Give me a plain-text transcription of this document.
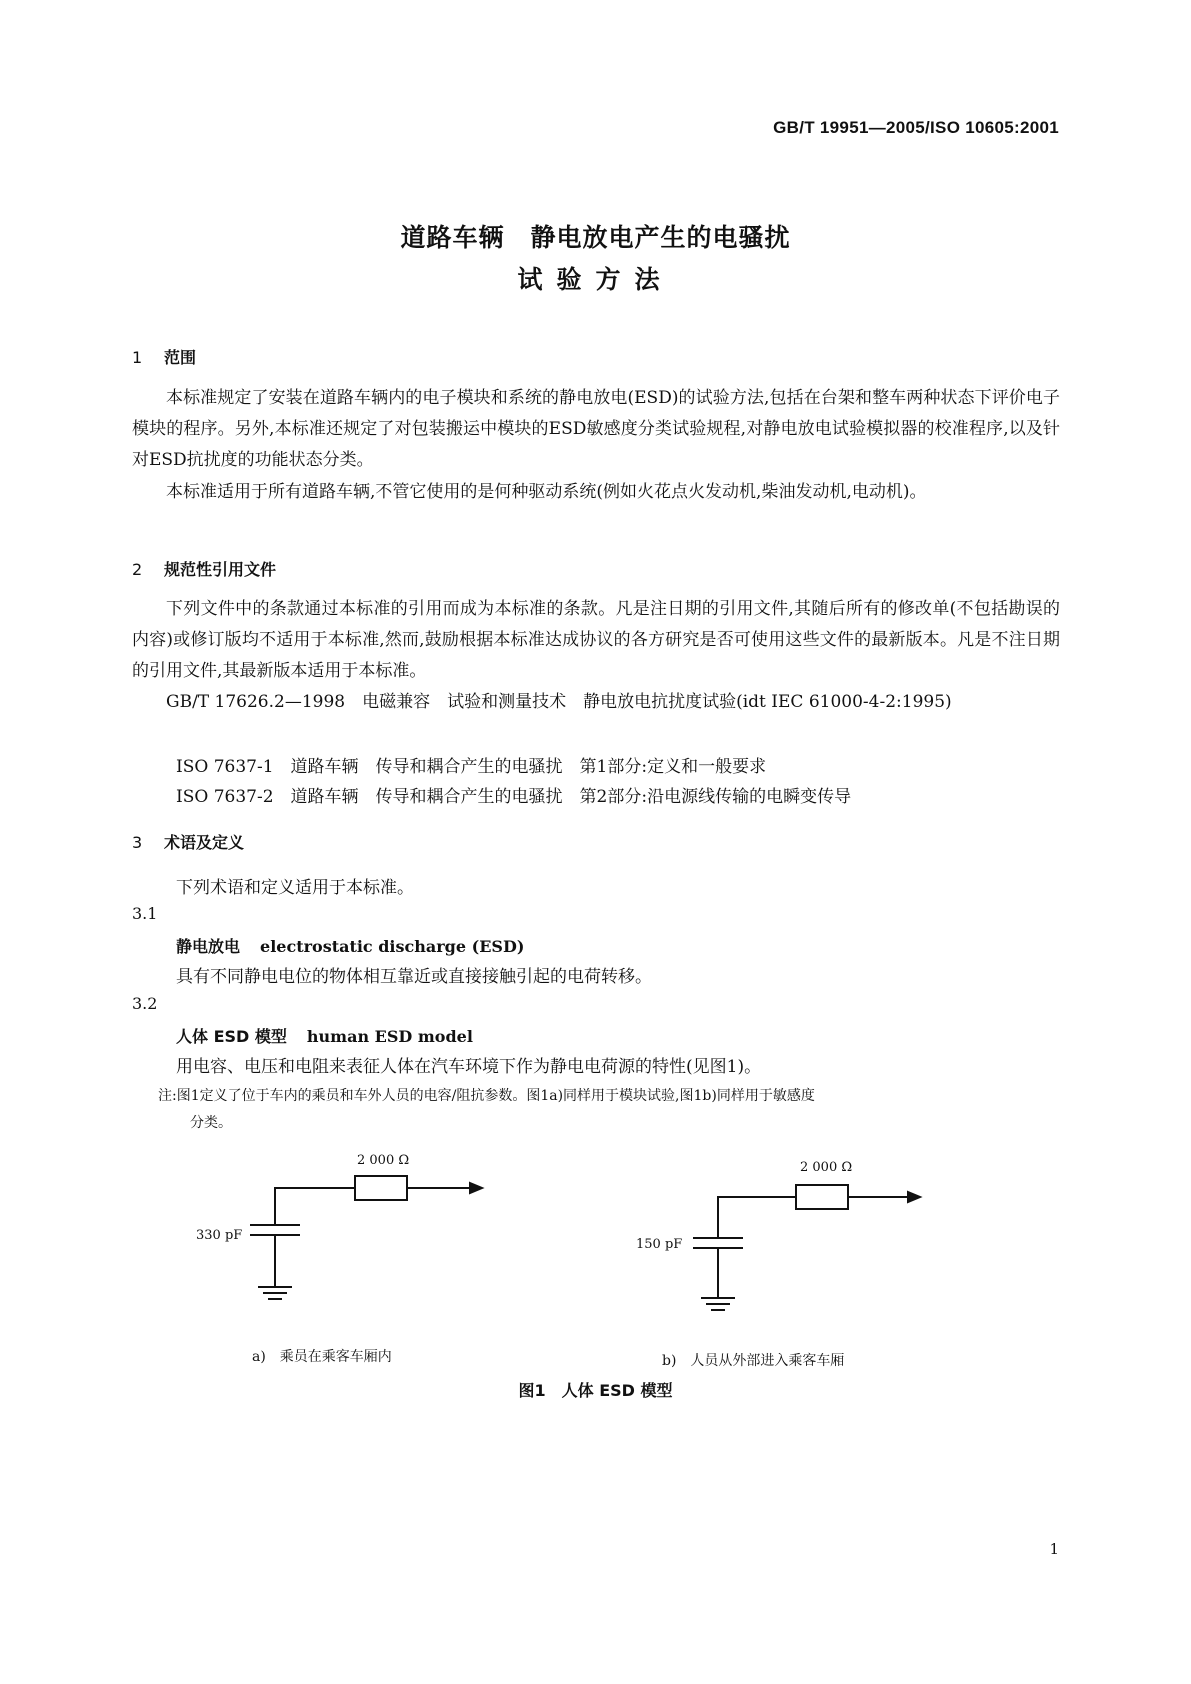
GB/T 19951—2005/ISO 10605:2001
道路车辆　静电放电产生的电骚扰
试验方法
1 范围
本标准规定了安装在道路车辆内的电子模块和系统的静电放电(ESD)的试验方法,包括在台架和整车两种状态下评价电子模块的程序。另外,本标准还规定了对包装搬运中模块的ESD敏感度分类试验规程,对静电放电试验模拟器的校准程序,以及针对ESD抗扰度的功能状态分类。
本标准适用于所有道路车辆,不管它使用的是何种驱动系统(例如火花点火发动机,柴油发动机,电动机)。
2 规范性引用文件
下列文件中的条款通过本标准的引用而成为本标准的条款。凡是注日期的引用文件,其随后所有的修改单(不包括勘误的内容)或修订版均不适用于本标准,然而,鼓励根据本标准达成协议的各方研究是否可使用这些文件的最新版本。凡是不注日期的引用文件,其最新版本适用于本标准。
GB/T 17626.2—1998　电磁兼容　试验和测量技术　静电放电抗扰度试验(idt IEC 61000-4-2:1995)
ISO 7637-1　道路车辆　传导和耦合产生的电骚扰　第1部分:定义和一般要求
ISO 7637-2　道路车辆　传导和耦合产生的电骚扰　第2部分:沿电源线传输的电瞬变传导
3 术语及定义
下列术语和定义适用于本标准。
3.1
静电放电 electrostatic discharge (ESD)
具有不同静电电位的物体相互靠近或直接接触引起的电荷转移。
3.2
人体 ESD 模型 human ESD model
用电容、电压和电阻来表征人体在汽车环境下作为静电电荷源的特性(见图1)。
注:图1定义了位于车内的乘员和车外人员的电容/阻抗参数。图1a)同样用于模块试验,图1b)同样用于敏感度
分类。
2 000 Ω
330 pF
2 000 Ω
150 pF
a)　乘员在乘客车厢内	b)　人员从外部进入乘客车厢
图1　人体 ESD 模型
1
